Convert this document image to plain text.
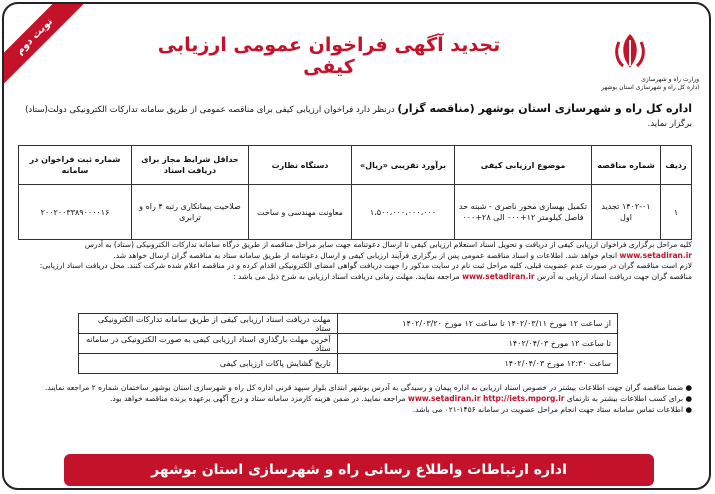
نوبت دوم	تجدید آگهی فراخوان عمومی ارزیابی کیفی
وزارت راه و شهرسازی
اداره کل راه و شهرسازی استان بوشهر
اداره کل راه و شهرسازی استان بوشهر (مناقصه گزار) درنظر دارد فراخوان ارزیابی کیفی برای مناقصه عمومی از طریق سامانه تدارکات الکترونیکی دولت(ستاد) برگزار نماید.
ردیف	شماره مناقصه	موضوع ارزیابی کیفی	برآورد تقریبی «ریال»	دستگاه نظارت	حداقل شرایط مجاز برای دریافت اسناد	شماره ثبت فراخوان در سامانه
۱	۱۴۰۲-۰۱ تجدید اول	تکمیل بهسازی محور ناصری - شبنه حد فاصل کیلومتر ۱۲+۰۰۰ الی ۲۸+۰۰۰	۱،۵۰۰،۰۰۰،۰۰۰،۰۰۰	معاونت مهندسی و ساخت	صلاحیت پیمانکاری رتبه ۴ راه و ترابری	۲۰۰۲۰۰۳۳۸۹۰۰۰۰۱۶

کلیه مراحل برگزاری فراخوان ارزیابی کیفی از دریافت و تحویل اسناد استعلام ارزیابی کیفی تا ارسال دعوتنامه جهت سایر مراحل مناقصه از طریق درگاه سامانه تدارکات الکترونیکی (ستاد) به آدرس www.setadiran.ir انجام خواهد شد. اطلاعات و اسناد مناقصه عمومی پس از برگزاری فرآیند ارزیابی کیفی و ارسال دعوتنامه از طریق سامانه ستاد به مناقصه گران ارسال خواهد شد.

لازم است مناقصه گران در صورت عدم عضویت قبلی، کلیه مراحل ثبت نام در سایت مذکور را جهت دریافت گواهی امضای الکترونیکی اقدام کرده و در مناقصه اعلام شده شرکت کنند. محل دریافت اسناد ارزیابی: مناقصه گران جهت دریافت اسناد ارزیابی به آدرس www.setadiran.ir مراجعه نمایند. مهلت زمانی دریافت اسناد ارزیابی به شرح ذیل می باشد :

از ساعت ۱۲ مورخ ۱۴۰۲/۰۳/۱۱ تا ساعت ۱۲ مورخ ۱۴۰۲/۰۳/۲۰	مهلت دریافت اسناد ارزیابی کیفی از طریق سامانه تدارکات الکترونیکی ستاد
تا ساعت ۱۲ مورخ ۱۴۰۲/۰۴/۰۳	آخرین مهلت بارگذاری اسناد ارزیابی کیفی به صورت الکترونیکی در سامانه ستاد
ساعت ۱۲:۳۰ مورخ ۱۴۰۲/۰۴/۰۳	تاریخ گشایش پاکات ارزیابی کیفی

● ضمنا مناقصه گران جهت اطلاعات بیشتر در خصوص اسناد ارزیابی به اداره پیمان و رسیدگی به آدرس بوشهر ابتدای بلوار سپهد قرنی اداره کل راه و شهرسازی استان بوشهر ساختمان شماره ۲ مراجعه نمایند.

● برای کسب اطلاعات بیشتر به تارنمای www.setadiran.ir http://iets.mporg.ir مراجعه نمایید. در ضمن هزینه کارمزد سامانه ستاد و درج آگهی برعهده برنده مناقصه خواهد بود.

● اطلاعات تماس سامانه ستاد جهت انجام مراحل عضویت در سامانه ۱۴۵۶-۰۲۱ می باشد.

اداره ارتباطات واطلاع رسانی راه و شهرسازی استان بوشهر
